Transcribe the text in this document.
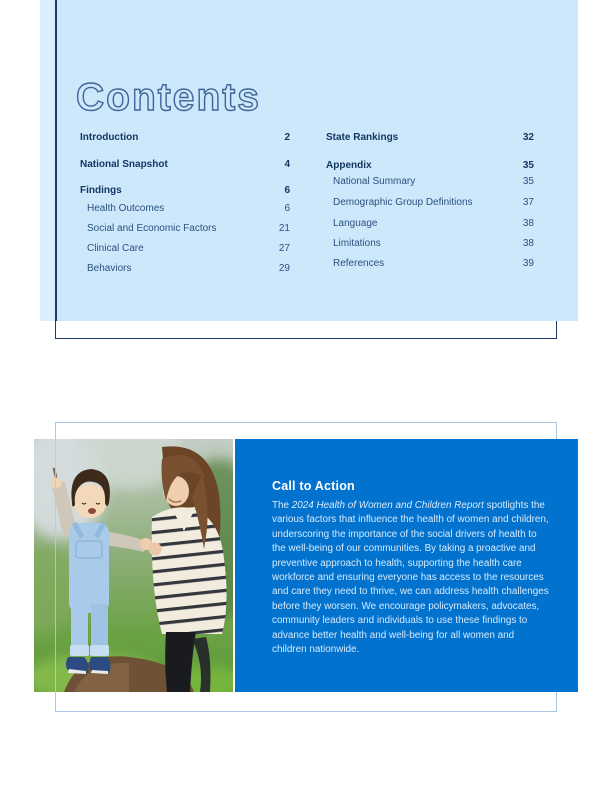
Contents
Introduction	2
National Snapshot	4
Findings	6
Health Outcomes	6
Social and Economic Factors	21
Clinical Care	27
Behaviors	29
State Rankings	32
Appendix	35
National Summary	35
Demographic Group Definitions	37
Language	38
Limitations	38
References	39
Call to Action
The 2024 Health of Women and Children Report spotlights the various factors that influence the health of women and children, underscoring the importance of the social drivers of health to the well-being of our communities. By taking a proactive and preventive approach to health, supporting the health care workforce and ensuring everyone has access to the resources and care they need to thrive, we can address health challenges before they worsen. We encourage policymakers, advocates, community leaders and individuals to use these findings to advance better health and well-being for all women and children nationwide.
